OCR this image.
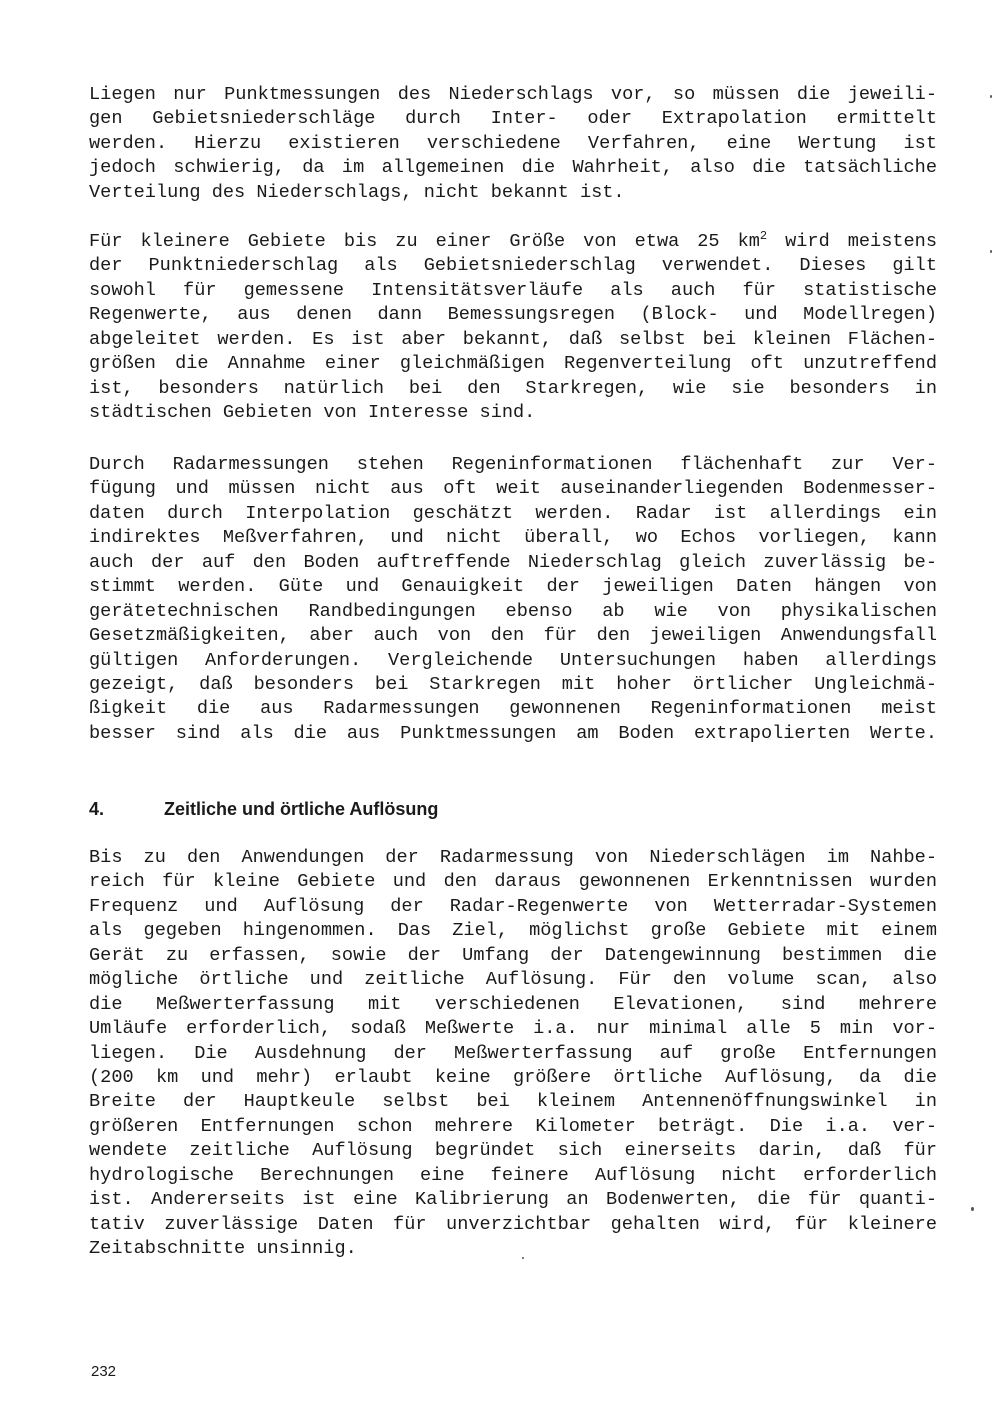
Liegen nur Punktmessungen des Niederschlags vor, so müssen die jeweili-
gen Gebietsniederschläge durch Inter- oder Extrapolation ermittelt
werden. Hierzu existieren verschiedene Verfahren, eine Wertung ist
jedoch schwierig, da im allgemeinen die Wahrheit, also die tatsächliche
Verteilung des Niederschlags, nicht bekannt ist.
Für kleinere Gebiete bis zu einer Größe von etwa 25 $km^2$ wird meistens
der Punktniederschlag als Gebietsniederschlag verwendet. Dieses gilt
sowohl für gemessene Intensitätsverläufe als auch für statistische
Regenwerte, aus denen dann Bemessungsregen (Block- und Modellregen)
abgeleitet werden. Es ist aber bekannt, daß selbst bei kleinen Flächen-
größen die Annahme einer gleichmäßigen Regenverteilung oft unzutreffend
ist, besonders natürlich bei den Starkregen, wie sie besonders in
städtischen Gebieten von Interesse sind.
Durch Radarmessungen stehen Regeninformationen flächenhaft zur Ver-
fügung und müssen nicht aus oft weit auseinanderliegenden Bodenmesser-
daten durch Interpolation geschätzt werden. Radar ist allerdings ein
indirektes Meßverfahren, und nicht überall, wo Echos vorliegen, kann
auch der auf den Boden auftreffende Niederschlag gleich zuverlässig be-
stimmt werden. Güte und Genauigkeit der jeweiligen Daten hängen von
gerätetechnischen Randbedingungen ebenso ab wie von physikalischen
Gesetzmäßigkeiten, aber auch von den für den jeweiligen Anwendungsfall
gültigen Anforderungen. Vergleichende Untersuchungen haben allerdings
gezeigt, daß besonders bei Starkregen mit hoher örtlicher Ungleichmä-
ßigkeit die aus Radarmessungen gewonnenen Regeninformationen meist
besser sind als die aus Punktmessungen am Boden extrapolierten Werte.
4.	Zeitliche und örtliche Auflösung
Bis zu den Anwendungen der Radarmessung von Niederschlägen im Nahbe-
reich für kleine Gebiete und den daraus gewonnenen Erkenntnissen wurden
Frequenz und Auflösung der Radar-Regenwerte von Wetterradar-Systemen
als gegeben hingenommen. Das Ziel, möglichst große Gebiete mit einem
Gerät zu erfassen, sowie der Umfang der Datengewinnung bestimmen die
mögliche örtliche und zeitliche Auflösung. Für den volume scan, also
die Meßwerterfassung mit verschiedenen Elevationen, sind mehrere
Umläufe erforderlich, sodaß Meßwerte i.a. nur minimal alle 5 min vor-
liegen. Die Ausdehnung der Meßwerterfassung auf große Entfernungen
(200 km und mehr) erlaubt keine größere örtliche Auflösung, da die
Breite der Hauptkeule selbst bei kleinem Antennenöffnungswinkel in
größeren Entfernungen schon mehrere Kilometer beträgt. Die i.a. ver-
wendete zeitliche Auflösung begründet sich einerseits darin, daß für
hydrologische Berechnungen eine feinere Auflösung nicht erforderlich
ist. Andererseits ist eine Kalibrierung an Bodenwerten, die für quanti-
tativ zuverlässige Daten für unverzichtbar gehalten wird, für kleinere
Zeitabschnitte unsinnig.
232
